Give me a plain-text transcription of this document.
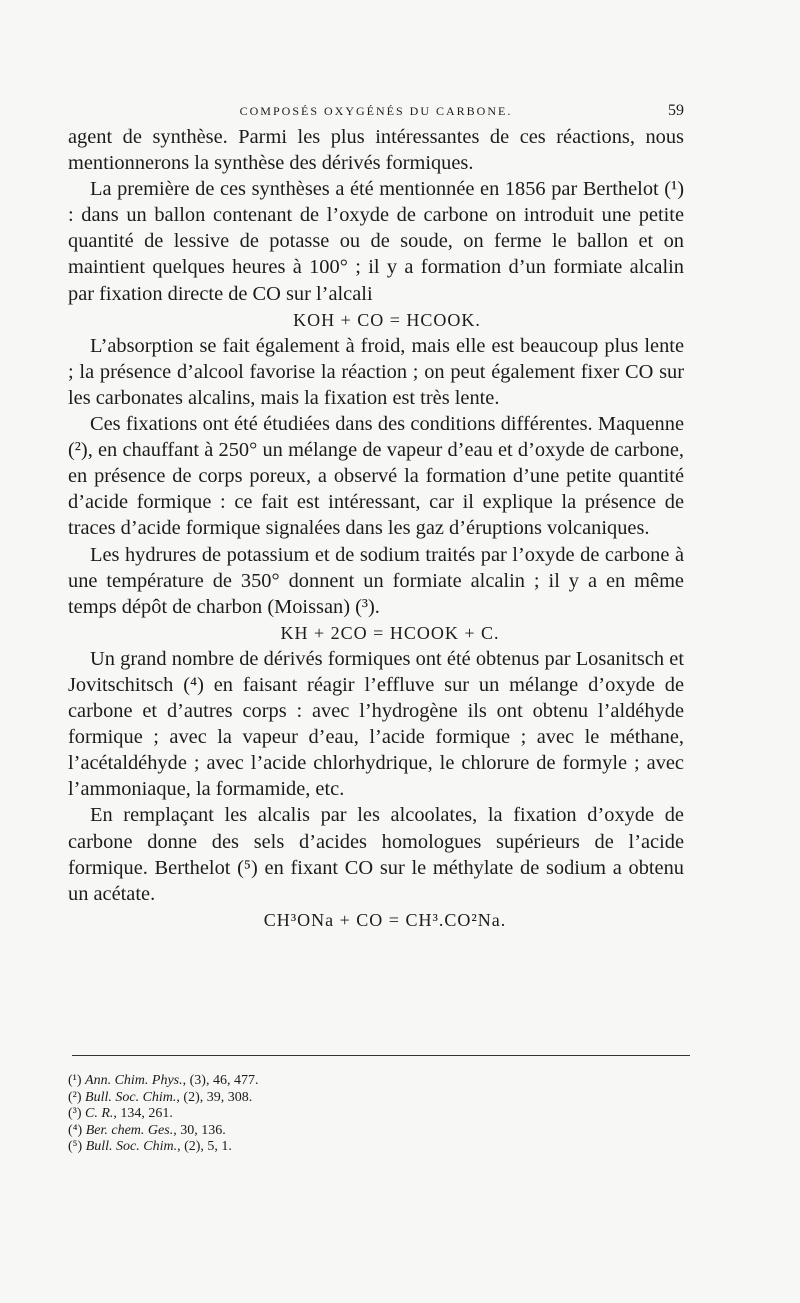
COMPOSÉS OXYGÉNÉS DU CARBONE.	59

agent de synthèse. Parmi les plus intéressantes de ces réactions, nous mentionnerons la synthèse des dérivés formiques.

La première de ces synthèses a été mentionnée en 1856 par Berthelot (¹) : dans un ballon contenant de l’oxyde de carbone on introduit une petite quantité de lessive de potasse ou de soude, on ferme le ballon et on maintient quelques heures à 100° ; il y a formation d’un formiate alcalin par fixation directe de CO sur l’alcali

KOH + CO = HCOOK.

L’absorption se fait également à froid, mais elle est beaucoup plus lente ; la présence d’alcool favorise la réaction ; on peut également fixer CO sur les carbonates alcalins, mais la fixation est très lente.

Ces fixations ont été étudiées dans des conditions différentes. Maquenne (²), en chauffant à 250° un mélange de vapeur d’eau et d’oxyde de carbone, en présence de corps poreux, a observé la formation d’une petite quantité d’acide formique : ce fait est intéressant, car il explique la présence de traces d’acide formique signalées dans les gaz d’éruptions volcaniques.

Les hydrures de potassium et de sodium traités par l’oxyde de carbone à une température de 350° donnent un formiate alcalin ; il y a en même temps dépôt de charbon (Moissan) (³).

KH + 2CO = HCOOK + C.

Un grand nombre de dérivés formiques ont été obtenus par Losanitsch et Jovitschitsch (⁴) en faisant réagir l’effluve sur un mélange d’oxyde de carbone et d’autres corps : avec l’hydrogène ils ont obtenu l’aldéhyde formique ; avec la vapeur d’eau, l’acide formique ; avec le méthane, l’acétaldéhyde ; avec l’acide chlorhydrique, le chlorure de formyle ; avec l’ammoniaque, la formamide, etc.

En remplaçant les alcalis par les alcoolates, la fixation d’oxyde de carbone donne des sels d’acides homologues supérieurs de l’acide formique. Berthelot (⁵) en fixant CO sur le méthylate de sodium a obtenu un acétate.

CH³ONa + CO = CH³.CO²Na.

(¹) Ann. Chim. Phys., (3), 46, 477.

(²) Bull. Soc. Chim., (2), 39, 308.

(³) C. R., 134, 261.

(⁴) Ber. chem. Ges., 30, 136.

(⁵) Bull. Soc. Chim., (2), 5, 1.
